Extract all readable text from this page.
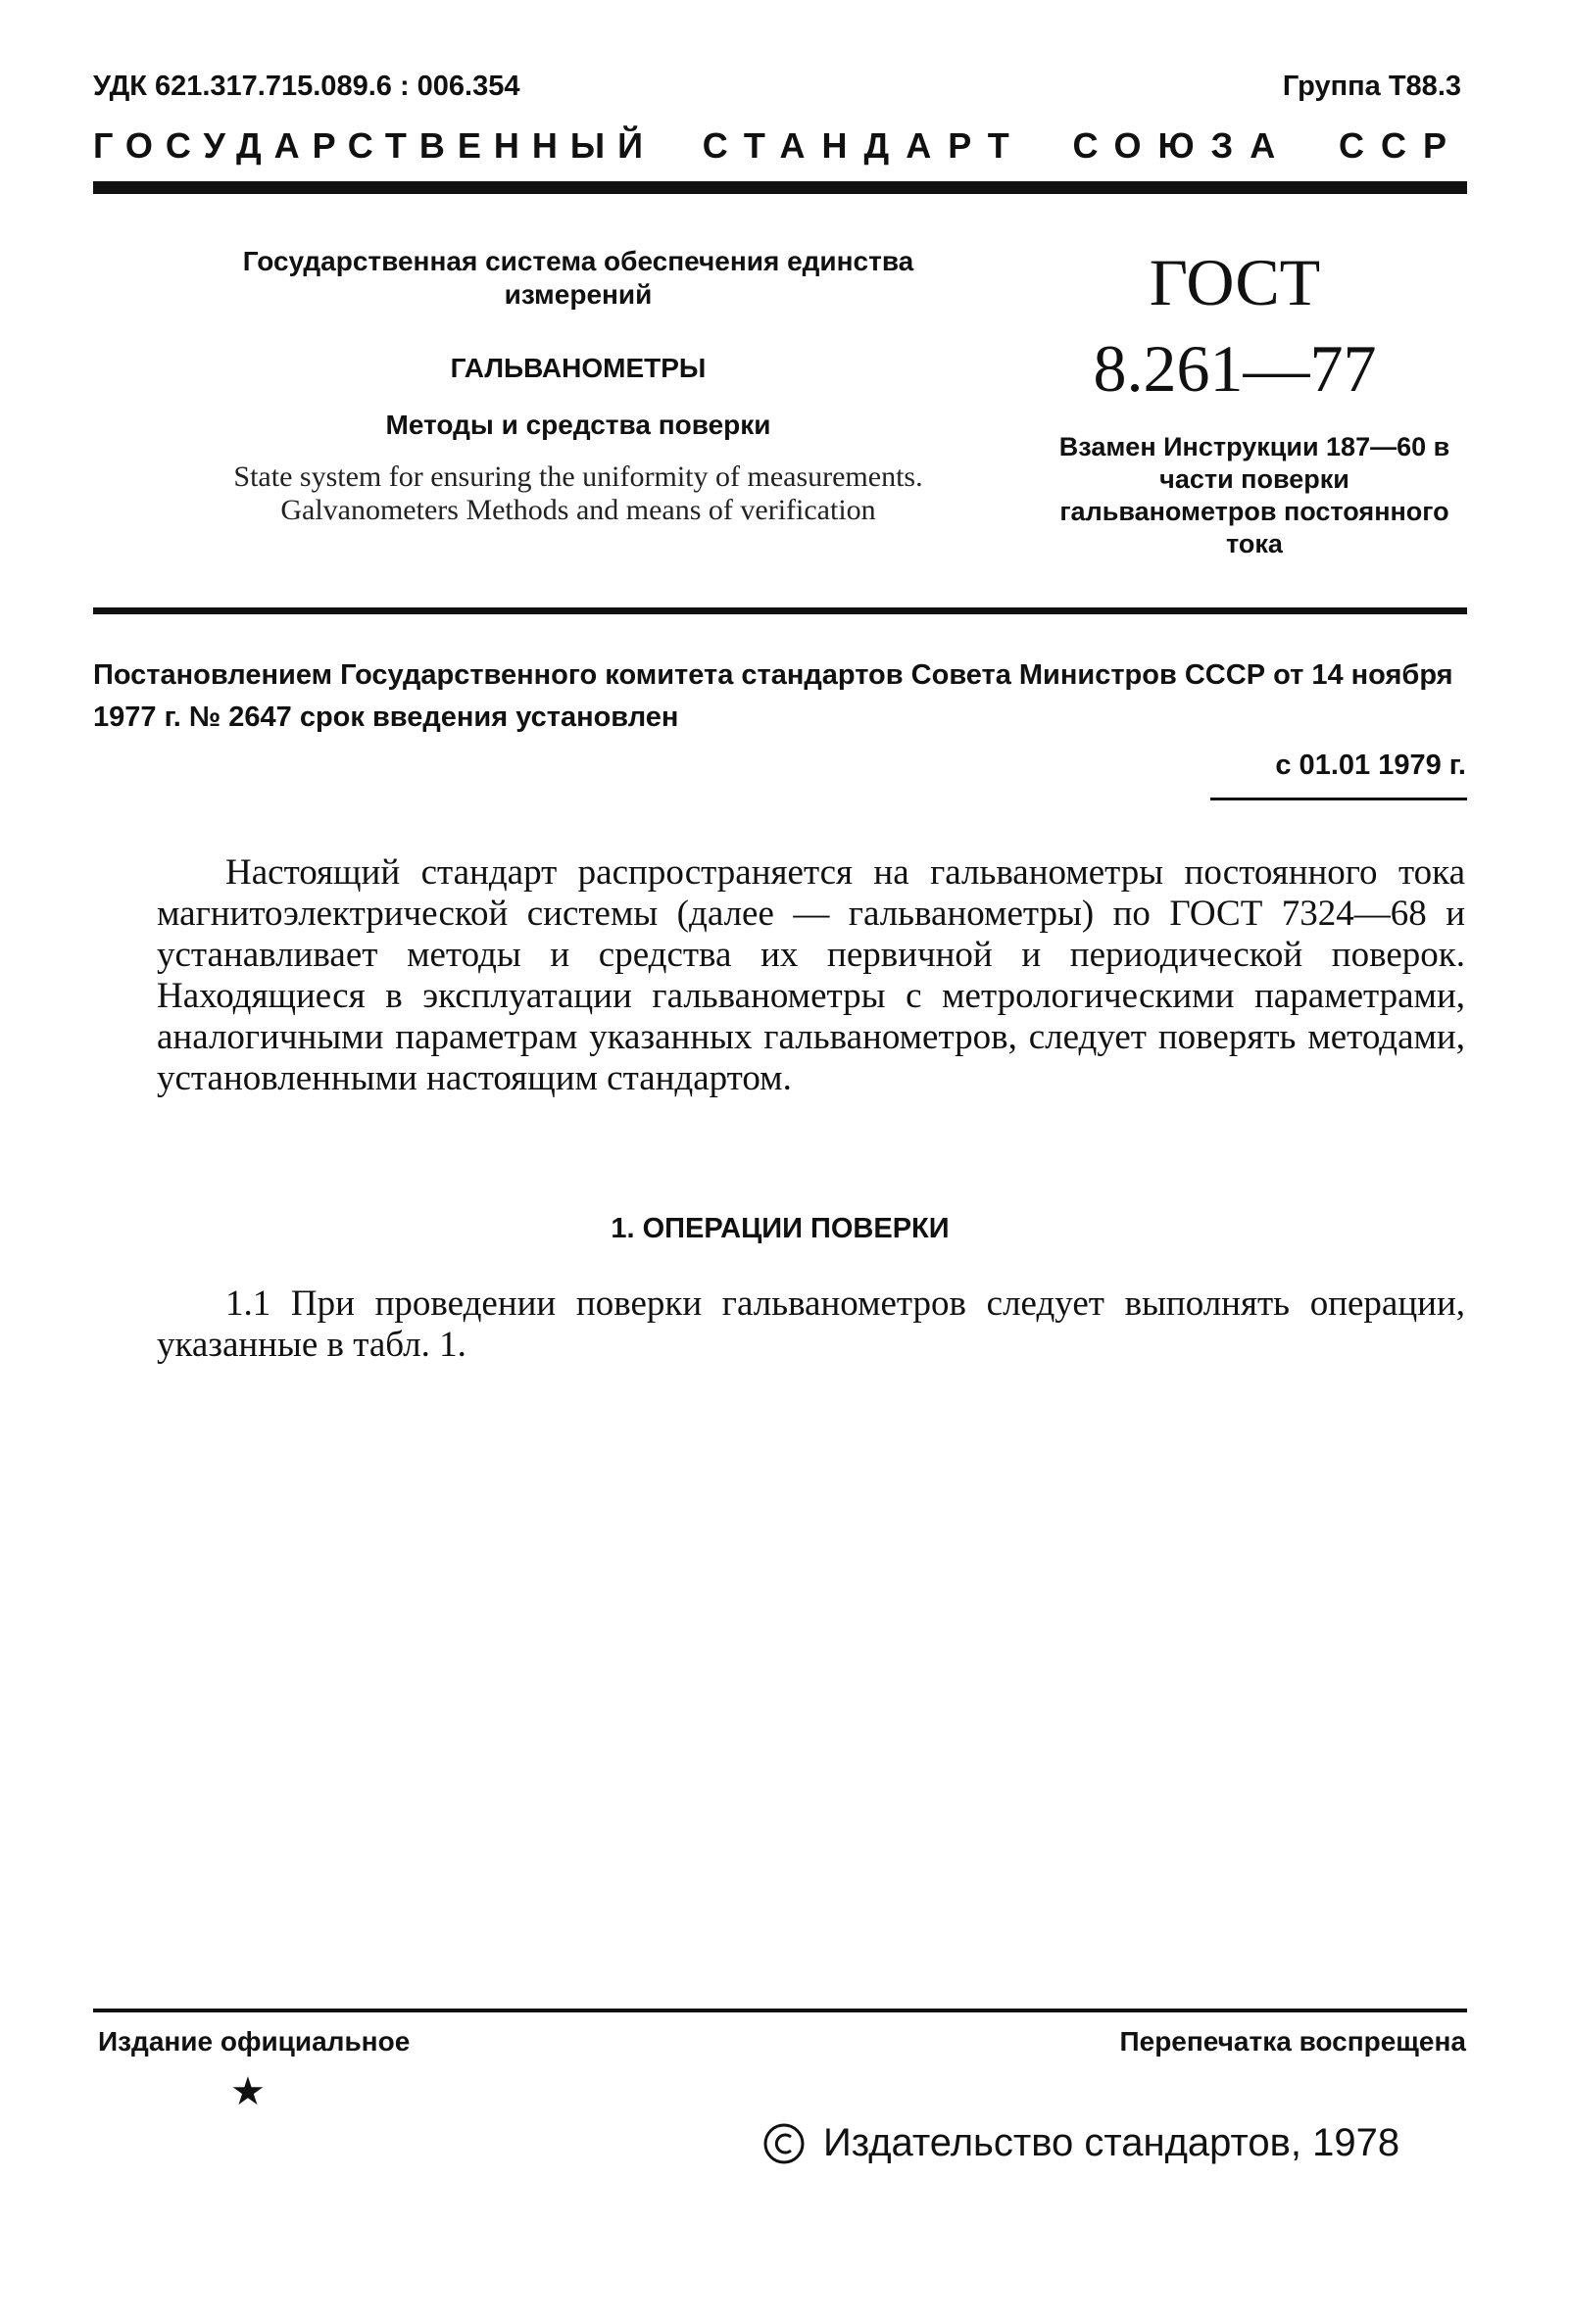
УДК 621.317.715.089.6 : 006.354	Группа Т88.3
ГОСУДАРСТВЕННЫЙ СТАНДАРТ СОЮЗА ССР
Государственная система обеспечения единства измерений
ГАЛЬВАНОМЕТРЫ
Методы и средства поверки
State system for ensuring the uniformity of measurements. Galvanometers Methods and means of verification
ГОСТ
8.261—77
Взамен Инструкции 187—60 в части поверки гальванометров постоянного тока
Постановлением Государственного комитета стандартов Совета Министров СССР от 14 ноября 1977 г. № 2647 срок введения установлен
с 01.01 1979 г.
Настоящий стандарт распространяется на гальванометры постоянного тока магнитоэлектрической системы (далее — гальванометры) по ГОСТ 7324—68 и устанавливает методы и средства их первичной и периодической поверок. Находящиеся в эксплуатации гальванометры с метрологическими параметрами, аналогичными параметрам указанных гальванометров, следует поверять методами, установленными настоящим стандартом.
1. ОПЕРАЦИИ ПОВЕРКИ
1.1 При проведении поверки гальванометров следует выполнять операции, указанные в табл. 1.
Издание официальное	Перепечатка воспрещена
★
Издательство стандартов, 1978
